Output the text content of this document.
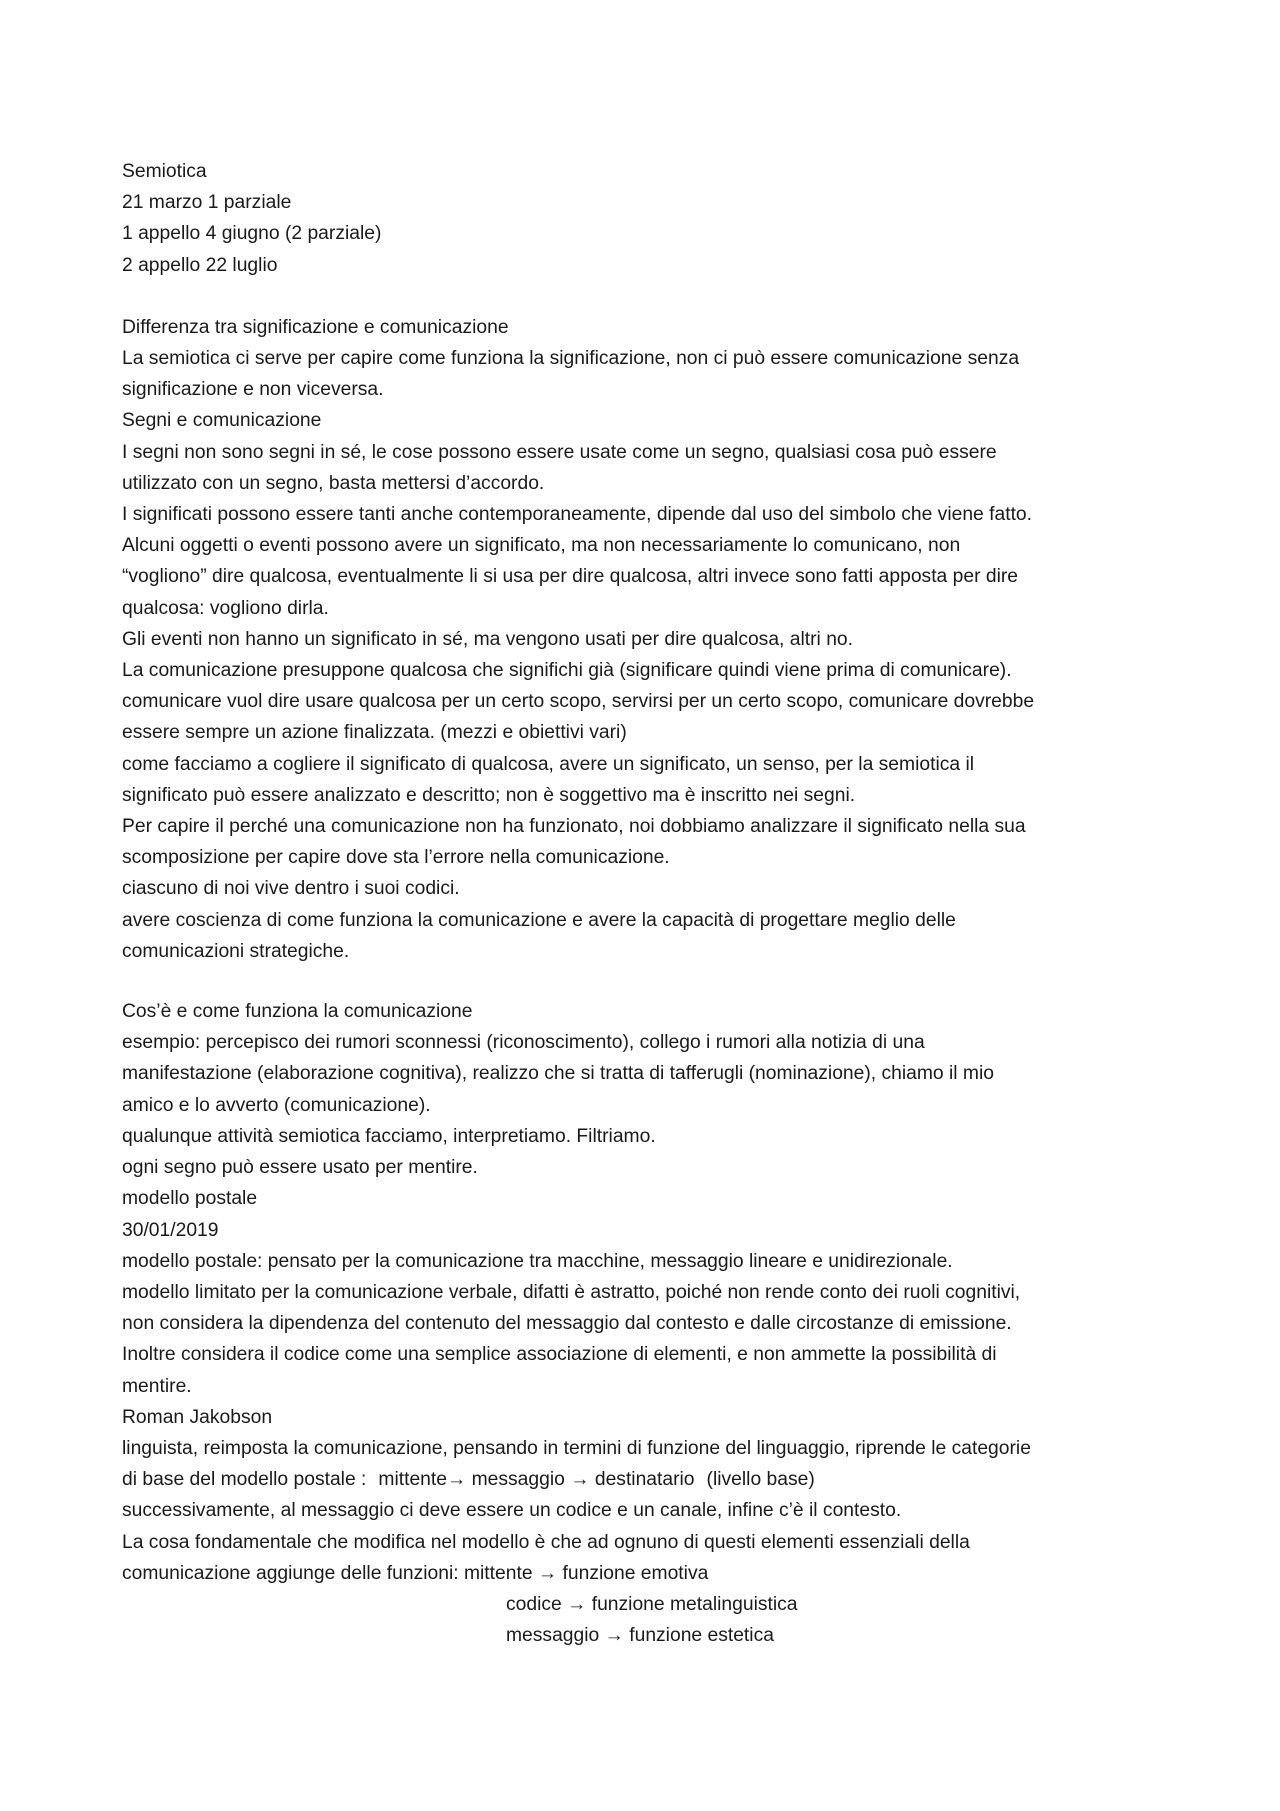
Semiotica

21 marzo 1 parziale

1 appello 4 giugno (2 parziale)

2 appello 22 luglio

Differenza tra significazione e comunicazione

La semiotica ci serve per capire come funziona la significazione, non ci può essere comunicazione senza

significazione e non viceversa.

Segni e comunicazione

I segni non sono segni in sé, le cose possono essere usate come un segno, qualsiasi cosa può essere

utilizzato con un segno, basta mettersi d’accordo.

I significati possono essere tanti anche contemporaneamente, dipende dal uso del simbolo che viene fatto.

Alcuni oggetti o eventi possono avere un significato, ma non necessariamente lo comunicano, non

“vogliono” dire qualcosa, eventualmente li si usa per dire qualcosa, altri invece sono fatti apposta per dire

qualcosa: vogliono dirla.

Gli eventi non hanno un significato in sé, ma vengono usati per dire qualcosa, altri no.

La comunicazione presuppone qualcosa che significhi già (significare quindi viene prima di comunicare).

comunicare vuol dire usare qualcosa per un certo scopo, servirsi per un certo scopo, comunicare dovrebbe

essere sempre un azione finalizzata. (mezzi e obiettivi vari)

come facciamo a cogliere il significato di qualcosa, avere un significato, un senso, per la semiotica il

significato può essere analizzato e descritto; non è soggettivo ma è inscritto nei segni.

Per capire il perché una comunicazione non ha funzionato, noi dobbiamo analizzare il significato nella sua

scomposizione per capire dove sta l’errore nella comunicazione.

ciascuno di noi vive dentro i suoi codici.

avere coscienza di come funziona la comunicazione e avere la capacità di progettare meglio delle

comunicazioni strategiche.

Cos’è e come funziona la comunicazione

esempio: percepisco dei rumori sconnessi (riconoscimento), collego i rumori alla notizia di una

manifestazione (elaborazione cognitiva), realizzo che si tratta di tafferugli (nominazione), chiamo il mio

amico e lo avverto (comunicazione).

qualunque attività semiotica facciamo, interpretiamo. Filtriamo.

ogni segno può essere usato per mentire.

modello postale

30/01/2019

modello postale: pensato per la comunicazione tra macchine, messaggio lineare e unidirezionale.

modello limitato per la comunicazione verbale, difatti è astratto, poiché non rende conto dei ruoli cognitivi,

non considera la dipendenza del contenuto del messaggio dal contesto e dalle circostanze di emissione.

Inoltre considera il codice come una semplice associazione di elementi, e non ammette la possibilità di

mentire.

Roman Jakobson

linguista, reimposta la comunicazione, pensando in termini di funzione del linguaggio, riprende le categorie

di base del modello postale : mittente→ messaggio → destinatario (livello base)

successivamente, al messaggio ci deve essere un codice e un canale, infine c’è il contesto.

La cosa fondamentale che modifica nel modello è che ad ognuno di questi elementi essenziali della

comunicazione aggiunge delle funzioni: mittente → funzione emotiva

codice → funzione metalinguistica

messaggio → funzione estetica
